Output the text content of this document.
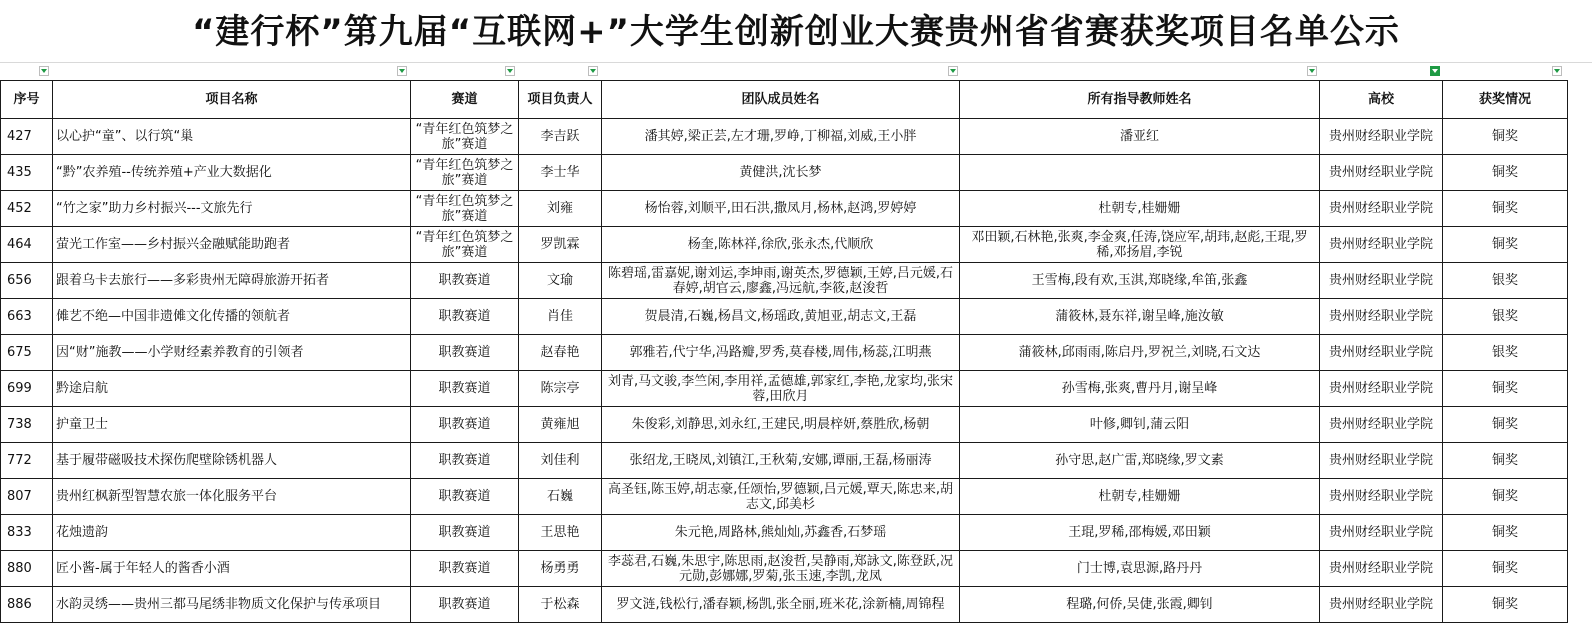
“建行杯”第九届“互联网+”大学生创新创业大赛贵州省省赛获奖项目名单公示
序号	项目名称	赛道	项目负责人	团队成员姓名	所有指导教师姓名	高校	获奖情况
427	以心护“童”、以行筑“巢	“青年红色筑梦之旅”赛道	李吉跃	潘其婷,梁正芸,左才珊,罗峥,丁柳福,刘威,王小胖	潘亚红	贵州财经职业学院	铜奖
435	“黔”农养殖--传统养殖+产业大数据化	“青年红色筑梦之旅”赛道	李士华	黄健洪,沈长梦		贵州财经职业学院	铜奖
452	“竹之家”助力乡村振兴---文旅先行	“青年红色筑梦之旅”赛道	刘雍	杨怡蓉,刘顺平,田石洪,撒凤月,杨林,赵鸿,罗婷婷	杜朝专,桂姗姗	贵州财经职业学院	铜奖
464	萤光工作室——乡村振兴金融赋能助跑者	“青年红色筑梦之旅”赛道	罗凯霖	杨奎,陈林祥,徐欣,张永杰,代顺欣	邓田颖,石林艳,张爽,李金爽,任涛,饶应军,胡玮,赵彪,王琨,罗稀,邓扬眉,李锐	贵州财经职业学院	铜奖
656	跟着乌卡去旅行——多彩贵州无障碍旅游开拓者	职教赛道	文瑜	陈碧瑶,雷嘉妮,谢刘运,李坤雨,谢英杰,罗德颖,王婷,吕元媛,石春婷,胡官云,廖鑫,冯远航,李筱,赵浚哲	王雪梅,段有欢,玉淇,郑晓缘,牟笛,张鑫	贵州财经职业学院	银奖
663	傩艺不绝—中国非遗傩文化传播的领航者	职教赛道	肖佳	贺晨清,石巍,杨昌文,杨瑶政,黄旭亚,胡志文,王磊	蒲筱林,聂东祥,谢呈峰,施汝敏	贵州财经职业学院	银奖
675	因“财”施教——小学财经素养教育的引领者	职教赛道	赵春艳	郭雅若,代宁华,冯路瓣,罗秀,莫春楼,周伟,杨蕊,江明燕	蒲筱林,邱雨雨,陈启丹,罗祝兰,刘晓,石文达	贵州财经职业学院	银奖
699	黔途启航	职教赛道	陈宗亭	刘青,马文骏,李竺闲,李用祥,孟德雄,郭家红,李艳,龙家均,张宋蓉,田欣月	孙雪梅,张爽,曹丹月,谢呈峰	贵州财经职业学院	铜奖
738	护童卫士	职教赛道	黄雍旭	朱俊彩,刘静思,刘永红,王建民,明晨梓妍,蔡胜欣,杨朝	叶修,卿钊,蒲云阳	贵州财经职业学院	铜奖
772	基于履带磁吸技术探伤爬壁除锈机器人	职教赛道	刘佳利	张绍龙,王晓凤,刘镇江,王秋菊,安娜,谭丽,王磊,杨丽涛	孙守思,赵广雷,郑晓缘,罗文素	贵州财经职业学院	铜奖
807	贵州红枫新型智慧农旅一体化服务平台	职教赛道	石巍	高圣钰,陈玉婷,胡志豪,任颂怡,罗德颖,吕元媛,覃天,陈忠来,胡志文,邱美杉	杜朝专,桂姗姗	贵州财经职业学院	铜奖
833	花烛遗韵	职教赛道	王思艳	朱元艳,周路林,熊灿灿,苏鑫香,石梦瑶	王琨,罗稀,邵梅媛,邓田颖	贵州财经职业学院	铜奖
880	匠小酱-属于年轻人的酱香小酒	职教赛道	杨勇勇	李蕊君,石巍,朱思宇,陈思雨,赵浚哲,吴静雨,郑詠文,陈登跃,况元勋,彭娜娜,罗菊,张玉速,李凯,龙凤	门士博,袁思源,路丹丹	贵州财经职业学院	铜奖
886	水韵灵绣——贵州三都马尾绣非物质文化保护与传承项目	职教赛道	于松森	罗文涟,钱松行,潘春颖,杨凯,张全丽,班米花,涂新楠,周锦程	程璐,何侨,吴倢,张霞,卿钊	贵州财经职业学院	铜奖
